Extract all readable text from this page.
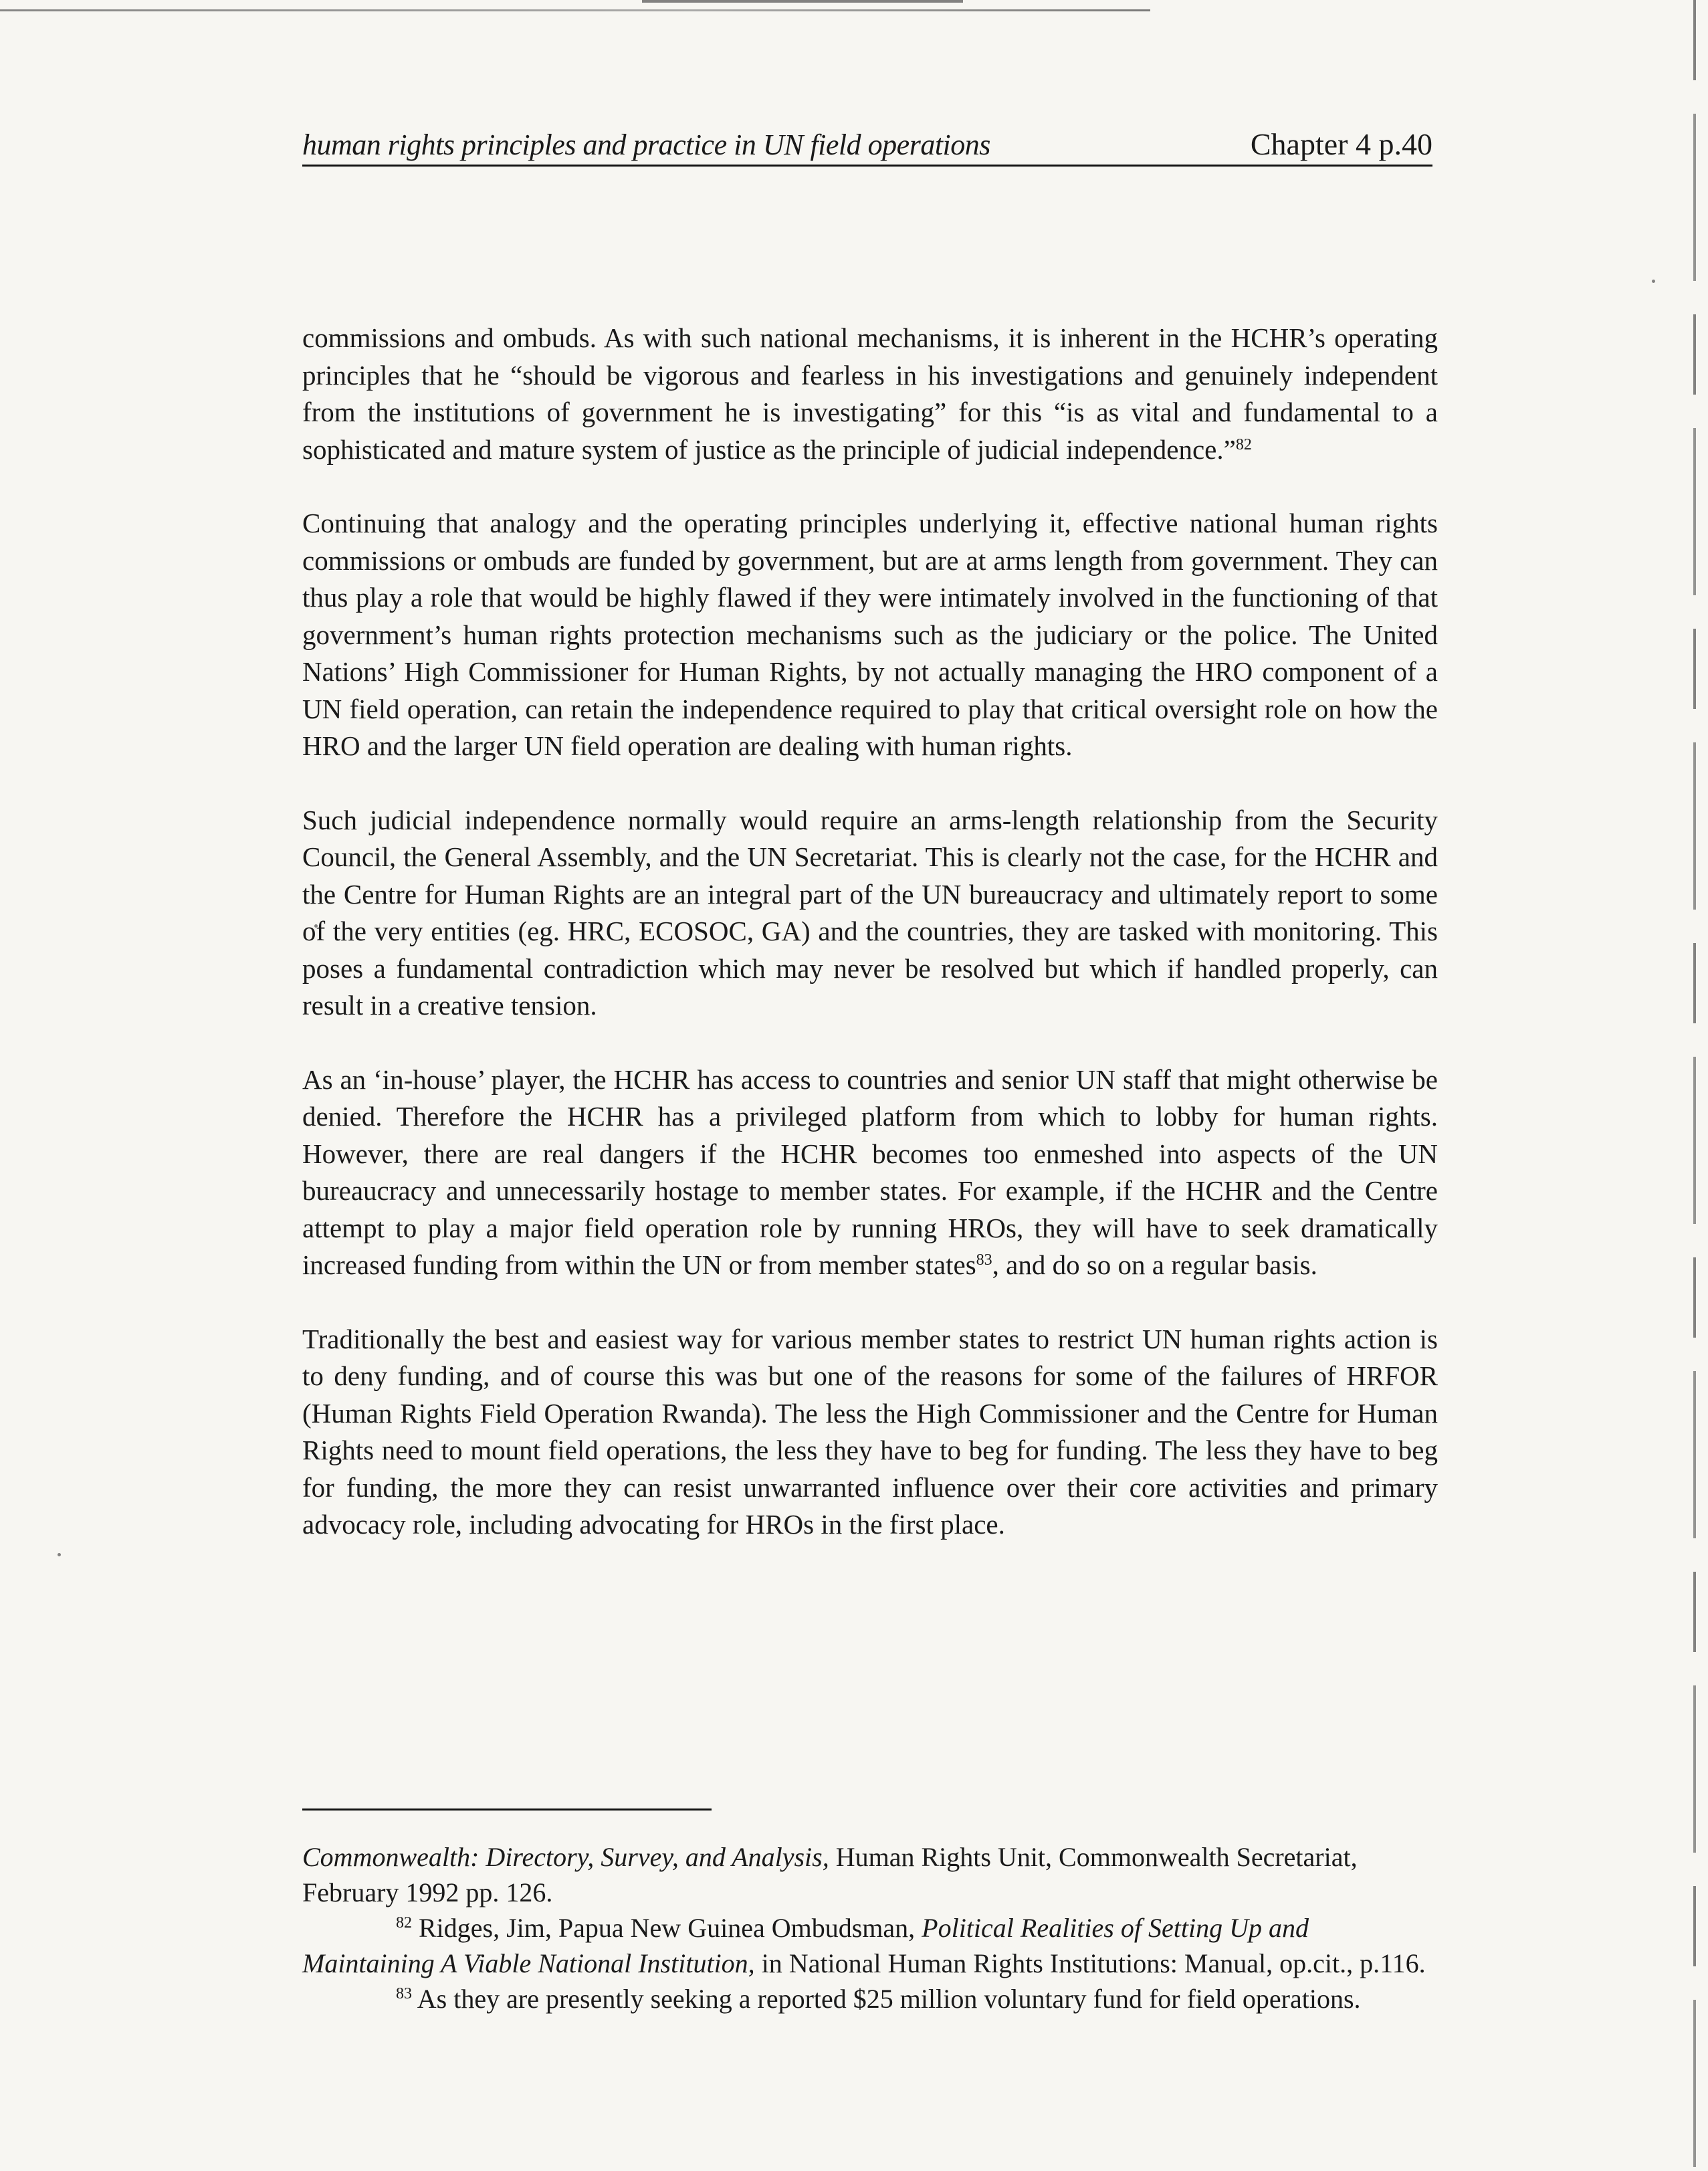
human rights principles and practice in UN field operations	Chapter 4 p.40

commissions and ombuds. As with such national mechanisms, it is inherent in the HCHR’s operating principles that he “should be vigorous and fearless in his investigations and genuinely independent from the institutions of government he is investigating” for this “is as vital and fundamental to a sophisticated and mature system of justice as the principle of judicial independence.”$^{82}$

Continuing that analogy and the operating principles underlying it, effective national human rights commissions or ombuds are funded by government, but are at arms length from government. They can thus play a role that would be highly flawed if they were intimately involved in the functioning of that government’s human rights protection mechanisms such as the judiciary or the police. The United Nations’ High Commissioner for Human Rights, by not actually managing the HRO component of a UN field operation, can retain the independence required to play that critical oversight role on how the HRO and the larger UN field operation are dealing with human rights.

Such judicial independence normally would require an arms-length relationship from the Security Council, the General Assembly, and the UN Secretariat. This is clearly not the case, for the HCHR and the Centre for Human Rights are an integral part of the UN bureaucracy and ultimately report to some of the very entities (eg. HRC, ECOSOC, GA) and the countries, they are tasked with monitoring. This poses a fundamental contradiction which may never be resolved but which if handled properly, can result in a creative tension.

As an ‘in-house’ player, the HCHR has access to countries and senior UN staff that might otherwise be denied. Therefore the HCHR has a privileged platform from which to lobby for human rights. However, there are real dangers if the HCHR becomes too enmeshed into aspects of the UN bureaucracy and unnecessarily hostage to member states. For example, if the HCHR and the Centre attempt to play a major field operation role by running HROs, they will have to seek dramatically increased funding from within the UN or from member states$^{83}$, and do so on a regular basis.

Traditionally the best and easiest way for various member states to restrict UN human rights action is to deny funding, and of course this was but one of the reasons for some of the failures of HRFOR (Human Rights Field Operation Rwanda). The less the High Commissioner and the Centre for Human Rights need to mount field operations, the less they have to beg for funding. The less they have to beg for funding, the more they can resist unwarranted influence over their core activities and primary advocacy role, including advocating for HROs in the first place.

Commonwealth: Directory, Survey, and Analysis, Human Rights Unit, Commonwealth Secretariat, February 1992 pp. 126.

$^{82}$ Ridges, Jim, Papua New Guinea Ombudsman, Political Realities of Setting Up and Maintaining A Viable National Institution, in National Human Rights Institutions: Manual, op.cit., p.116.

$^{83}$ As they are presently seeking a reported $25 million voluntary fund for field operations.
